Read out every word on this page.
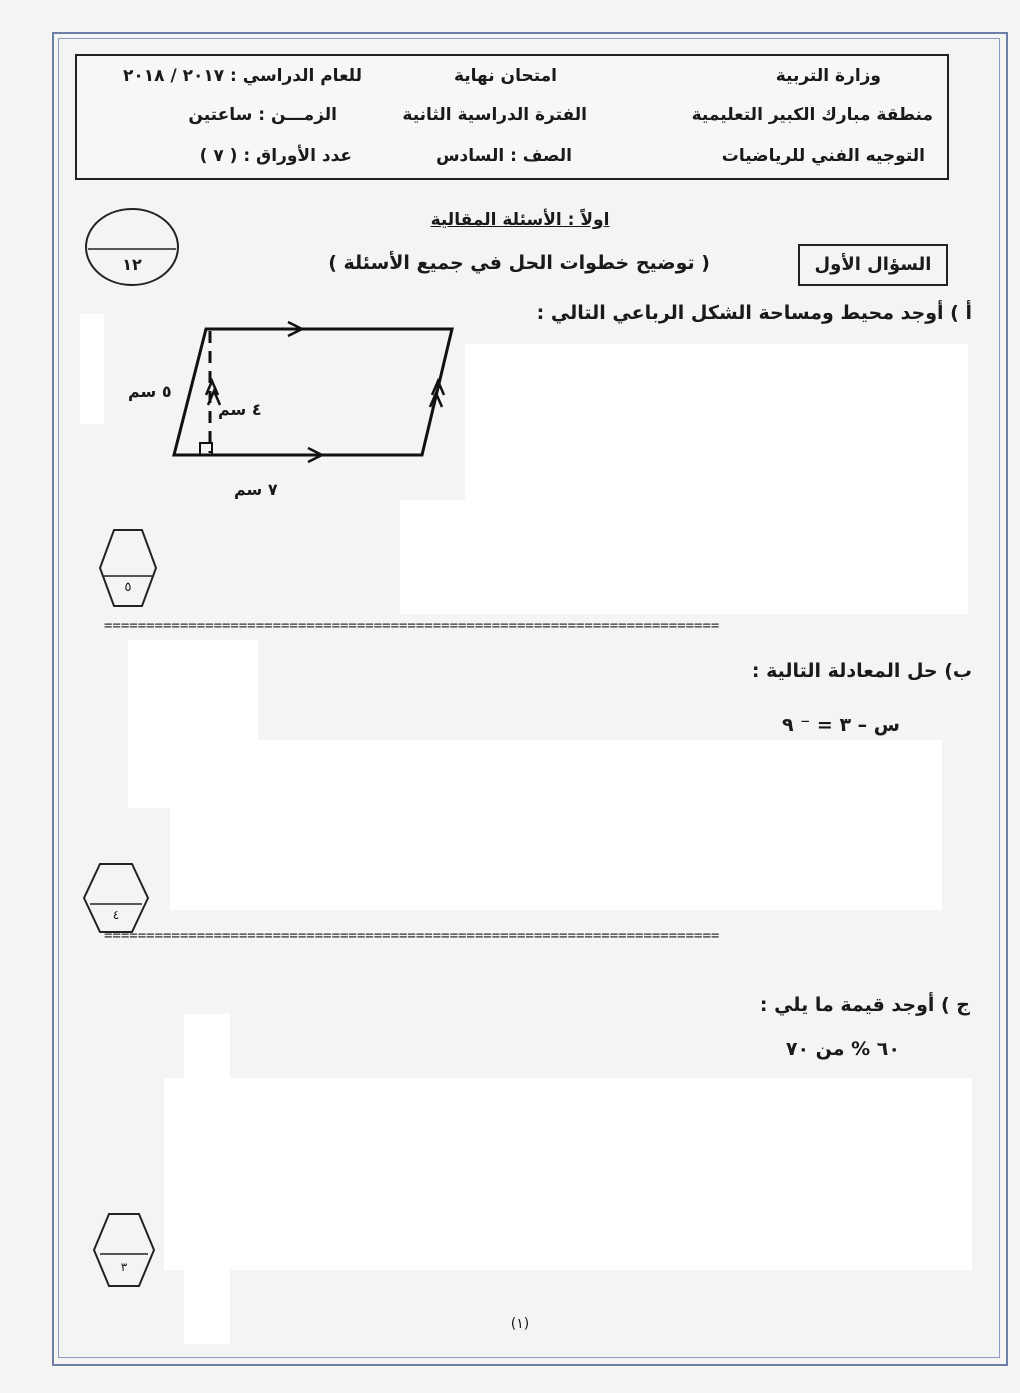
وزارة التربية
منطقة مبارك الكبير التعليمية
التوجيه الفني للرياضيات
امتحان نهاية
الفترة الدراسية الثانية
الصف : السادس
للعام الدراسي : ٢٠١٧ / ٢٠١٨
الزمـــن : ساعتين
عدد الأوراق : ( ٧ )
اولاً : الأسئلة المقالية
١٢	السؤال الأول
( توضيح خطوات الحل في جميع الأسئلة )
أ ) أوجد محيط ومساحة الشكل الرباعي التالي :
٥ سم
٤ سم
٧ سم
٥
=========================================================================
ب) حل المعادلة التالية :
س – ٣ = ⁻ ٩
٤
=========================================================================
ج ) أوجد قيمة ما يلي :
٦٠ % من ٧٠
٣
(١)
